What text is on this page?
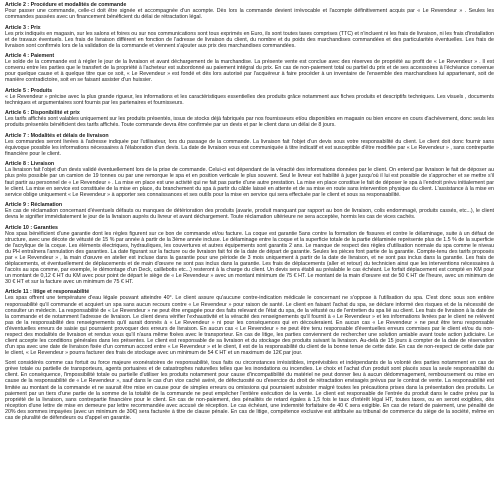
Article 2 : Procédure et modalités de commande

Pour passer une commande, celle-ci doit être signée et accompagnée d'un acompte. Dès lors la commande devient irrévocable et l'acompte définitivement acquis par « Le Revendeur » . Seules les commandes passées avec un financement bénéficient du délai de rétractation légal.

Article 3 : Prix

Les prix indiqués en magasin, sur les salons et foires ou sur nos communications sont tous exprimés en Euro, ils sont toutes taxes comprises (TTC) et n'incluent ni les frais de livraison, ni les frais d'installation et de travaux éventuels. Les frais de livraison diffèrent en fonction de l'adresse de livraison du client, du nombre et du poids des marchandises commandées et des particularités éventuelles. Les frais de livraison sont confirmés lors de la validation de la commande et viennent s'ajouter aux prix des marchandises commandées.

Article 4 : Paiement

Le solde de la commande est à régler le jour de la livraison et avant déchargement de la marchandise. La présente vente est conclue avec des réserves de propriété au profit de « Le Revendeur » . Il est convenu entre les parties que le transfert de la propriété à l'acheteur est subordonné au paiement intégral du prix. En cas de non-paiement total ou partiel du prix et de ses accessoires à l'échéance convenue pour quelque cause et à quelque titre que ce soit, « Le Revendeur » est fondé et dès lors autorisé par l'acquéreur à faire procéder à un inventaire de l'ensemble des marchandises lui appartenant, soit de manière contradictoire, soit en se faisant assister d'un huissier.

Article 5 : Produits

« Le Revendeur » précise avec la plus grande rigueur, les informations et les caractéristiques essentielles des produits grâce notamment aux fiches produits et descriptifs techniques. Les visuels , documents techniques et argumentaires sont fournis par les partenaires et fournisseurs.

Article 6 : Disponibilité et prix

Les tarifs affichés sont valables uniquement sur les produits présentés, issus de stocks déjà fabriqués par nos fournisseurs et/ou disponibles en magasin ou bien encore en cours d'achèvement, donc seuls les produits présentés bénéficient des tarifs affichés. Toute commande devra être confirmée par un devis et par le client dans un délai de 8 jours.

Article 7 : Modalités et délais de livraison

Les commandes seront livrées à l'adresse indiquée par l'utilisateur, lors du passage de la commande. La livraison fait l'objet d'un devis sous votre responsabilité du client. Le client doit donc fournir sans équivoque possible les informations nécessaires à l'élaboration d'un devis. La date de livraison vous est communiquée à titre indicatif et est susceptible d'être modifiée par « Le Revendeur » , sans contrepartie financière pour le client.

Article 8 : Livraison

La livraison fait l'objet d'un devis validé éventuellement lors de la prise de commande. Celui-ci est dépendant de la véracité des informations données par le client. On entend par livraison le fait de déposer au plus près possible par un camion de 19 tonnes ou par une remorque le spa et en position verticale le plus souvent. Seul le livreur est habilité à juger jusqu'où il lui est possible de s'approcher et se mettre s'il faut partir au personnel de « Le Revendeur » . La mise en place est une activité qui ne fait pas partie d'une autre prestation. La mise en place constitue le fait de déposer le spa à l'endroit prévu initialement par le client. La mise en service est constituée de la mise en place, du branchement du spa à partir du câble laissé en attente et de sa mise en route sans intervention physique du client. L'assistance à la mise en service oblige uniquement « Le Revendeur » à apporter ses connaissances et ses outils pour la mise en service qui sera effectuée par le client et sous sa responsabilité.

Article 9 : Réclamation

En cas de réclamation concernant d'éventuels défauts ou manques de détérioration des produits (avarie, produit manquant par rapport au bon de livraison, colis endommagé, produits cassés, etc...), le client devra le signifier immédiatement le jour de la livraison auprès du livreur et avant déchargement. Toute réclamation ultérieure ne sera acceptée, hormis les cas de vices cachés.

Article 10 : Garanties

Nos spas bénéficient d'une garantie dont les règles figurent sur ce bon de commande et/ou facture. La coque est garantie 5ans contre la formation de fissures et contre le délaminage, suite à un défaut de structure, avec une décote de vétusté de 15 % par année à partir de la 3ème année incluse. Le délaminage entre la coque et la superficie totale de la partie délaminée représente plus de 1.5 % de la superficie de l'acrylique de la coque. Les éléments électriques, hydrauliques, les couvertures et autres équipements sont garantis 2 ans. Le manque de respect des règles d'utilisation normale du spa comme le niveau du PH entraînera l'annulation des garanties. La date figurant sur la facture ou de livraison fait foi de la date de départ de garantie. Seules les pièces font partie de la garantie. Compte-tenu des tarifs proposés par « Le Revendeur » , la main d'œuvre en atelier est incluse dans la garantie pour une période de 3 mois uniquement à partir de la date de livraison, et ne sont pas inclus dans la garantie. Les frais de déplacements, et éventuellement de déplacements et de main d'œuvre ne sont pas inclus dans la garantie. Les frais de déplacements (aller et retour) du technicien ainsi que les interventions nécessaires à l'accès au spa comme, par exemple, le démontage d'un Deck, caillebotis etc...) resteront à la charge du client. Un devis sera établi au préalable le cas échéant. Le forfait déplacement est compté en KM pour un montant de 0,12 € HT du KM avec pour point de départ le siège de « Le Revendeur » avec un montant minimum de 75 € HT. Le montant de la main d'œuvre est de 50 € HT de l'heure, avec un minimum de 30 € HT et sur la facture avec un minimum de 75 € HT.

Article 11 : litige et responsabilité

Les spas offrent une température d'eau légale pouvant atteindre 40°. Le client assure qu'aucune contre-indication médicale le concernant ne s'oppose à l'utilisation du spa. C'est donc sous son entière responsabilité qu'il commande et acquiert un spa sans aucun recours contre « Le Revendeur » pour raison de santé. Le client en faisant l'achat du spa, se déclare informé des risques et de la nécessité de consulter un médecin. La responsabilité de « Le Revendeur » ne peut être engagée pour des faits relevant de l'état du spa, de la vétusté ou de l'entretien du spa lié au client. Les frais de livraison à la date de la commande et de notamment l'adresse de livraison. Le client devra vérifier l'exhaustivité et la véracité des renseignements qu'il fournit à « Le Revendeur » et les informations livrées par le client ne relèvent pas de la responsabilité des renseignements qu'il aurait donnés à « Le Revendeur » ni pour les conséquences qui en découleraient. En aucun cas « Le Revendeur » ne peut être tenu responsable d'éventuelles erreurs de saisie qui pourraient provoquer des erreurs de livraison. En aucun cas « Le Revendeur » ne peut être tenu responsable d'éventuelles erreurs commises par le client et/ou du non-respect des modalités de livraison et rendus vous qu'il n'aura même fixées avec le transporteur. En cas de litige, les parties conviennent de rechercher une solution amiable avant toute action judiciaire. Le client accepte les conditions générales dans les présentes. Le client est responsable de sa livraison et du stockage des produits suivant la livraison. Au-delà de 15 jours à compter de la date de réservation d'un spa avec une date de livraison fixée d'un commun accord entre « Le Revendeur » et le client, il est de la responsabilité du client de la bonne tenue de cette date. En cas de non-respect de cette date par le client, « Le Revendeur » pourra facturer des frais de stockage avec un minimum de 54 € HT et un maximum de 12€ par jour.

Sont considérés comme cas fortuit ou force majeure exonératoires de responsabilité, tous faits ou circonstances irrésistibles, imprévisibles et indépendants de la volonté des parties notamment en cas de grève totale ou partielle de transporteurs, agents portuaires et de catastrophes naturelles telles que les inondations ou incendies. Le choix et l'achat d'un produit sont placés sous la seule responsabilité du client. En conséquence, l'impossibilité totale ou partielle d'utiliser les produits notamment pour cause d'incompatibilité du matériel ne peut donner lieu à aucun dédommagement, remboursement ou mise en cause de la responsabilité de « Le Revendeur », sauf dans le cas d'un vice caché avéré, de défectuosité ou d'exercice du droit de rétractation envisagés prévus par le contrat de vente. La responsabilité est limitée au montant de la commande et ne saurait être mise en cause pour de simples erreurs ou omissions qui pourraient subsister malgré toutes les précautions prises dans la présentation des produits. Le paiement par un tiers d'une partie de la somme de la totalité de la commande ne peut empêcher l'entière exécution de la vente. Le client est responsable de l'entrée du produit dans le cadre prévu par la propriété de la livraison, sans contrepartie financière pour le client. En cas de non-paiement, des pénalités de retard égales à 1,5 fois le taux d'intérêt légal HT, toutes taxes, ou en seront exigibles, dès réception d'une lettre de mise en demeure par lettre recommandée avec accusé de réception. Le cas échéant, une indemnité forfaitaire de 40 € sera exigible. En cas de retard de paiement, une pénalité de 20% des sommes impayées (avec un minimum de 30€) sera facturée à titre de clause pénale. En cas de litige, compétence exclusive est attribuée au tribunal de commerce du siège de la société, même en cas de pluralité de défendeurs ou d'appel en garantie.
